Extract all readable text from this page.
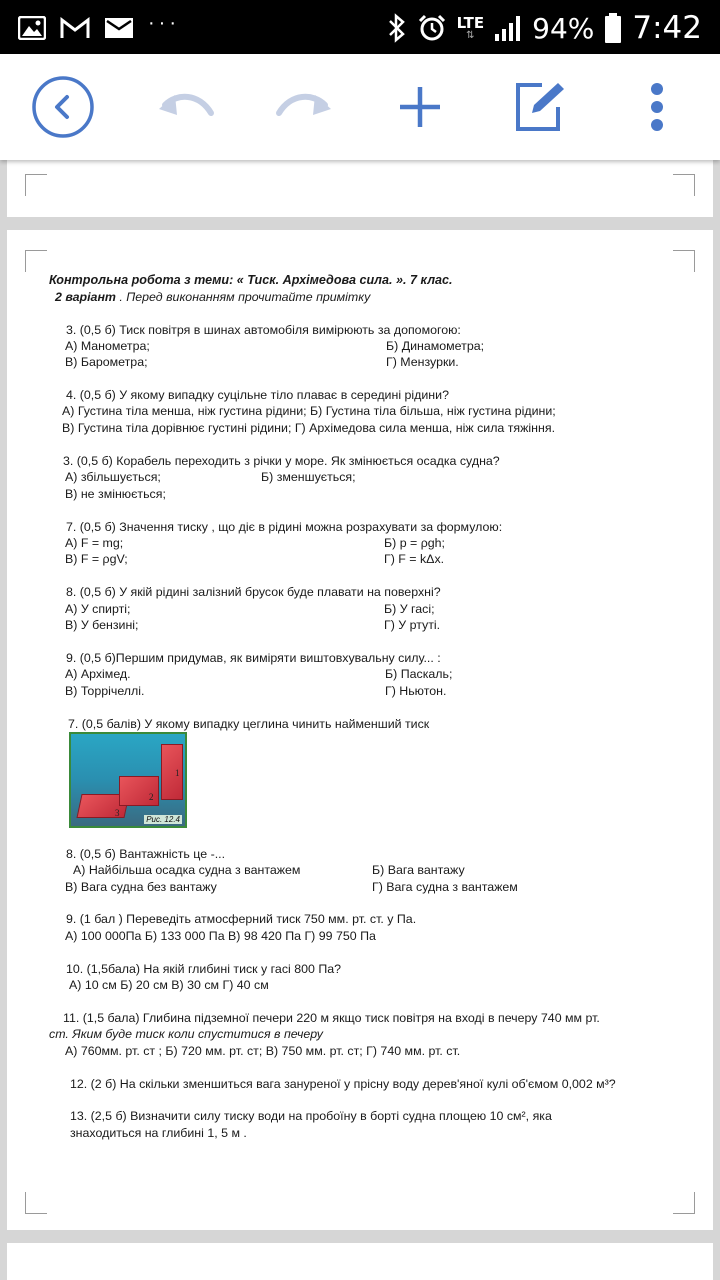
···	LTE
⇅ 94% 7:42
Контрольна робота з теми: « Тиск. Архімедова сила. ». 7 клас.
2 варіант . Перед виконанням прочитайте примітку
3. (0,5 б) Тиск повітря в шинах автомобіля вимірюють за допомогою:
А) Манометра;	Б) Динамометра;
В) Барометра;	Г) Мензурки.
4. (0,5 б) У якому випадку суцільне тіло плаває в середині рідини?
А) Густина тіла менша, ніж густина рідини; Б) Густина тіла більша, ніж густина рідини;
В) Густина тіла дорівнює густині рідини; Г) Архімедова сила менша, ніж сила тяжіння.
3. (0,5 б) Корабель переходить з річки у море. Як змінюється осадка судна?
А) збільшується;	Б) зменшується;
В) не змінюється;
7. (0,5 б) Значення тиску , що діє в рідині можна розрахувати за формулою:
А) F = mg;	Б) p = ρgh;
В) F = ρgV;	Г) F = kΔx.
8. (0,5 б) У якій рідині залізний брусок буде плавати на поверхні?
А) У спирті;	Б) У гасі;
В) У бензині;	Г) У ртуті.
9. (0,5 б)Першим придумав, як виміряти виштовхувальну силу... :
А) Архімед.	Б) Паскаль;
В) Торрічеллі.	Г) Ньютон.
7. (0,5 балів) У якому випадку цеглина чинить найменший тиск
1
2
3
Рис. 12.4
8. (0,5 б) Вантажність це -...
А) Найбільша осадка судна з вантажем	Б) Вага вантажу
В) Вага судна без вантажу	Г) Вага судна з вантажем
9. (1 бал ) Переведіть атмосферний тиск 750 мм. рт. ст. у Па.
А) 100 000Па Б) 133 000 Па В) 98 420 Па Г) 99 750 Па
10. (1,5бала) На якій глибині тиск у гасі 800 Па?
А) 10 см Б) 20 см В) 30 см Г) 40 см
11. (1,5 бала) Глибина підземної печери 220 м якщо тиск повітря на вході в печеру 740 мм рт.
ст. Яким буде тиск коли спуститися в печеру
А) 760мм. рт. ст ; Б) 720 мм. рт. ст; В) 750 мм. рт. ст; Г) 740 мм. рт. ст.
12. (2 б) На скільки зменшиться вага зануреної у прісну воду дерев'яної кулі об'ємом 0,002 м³?
13. (2,5 б) Визначити силу тиску води на пробоїну в борті судна площею 10 см², яка
знаходиться на глибині 1, 5 м .
